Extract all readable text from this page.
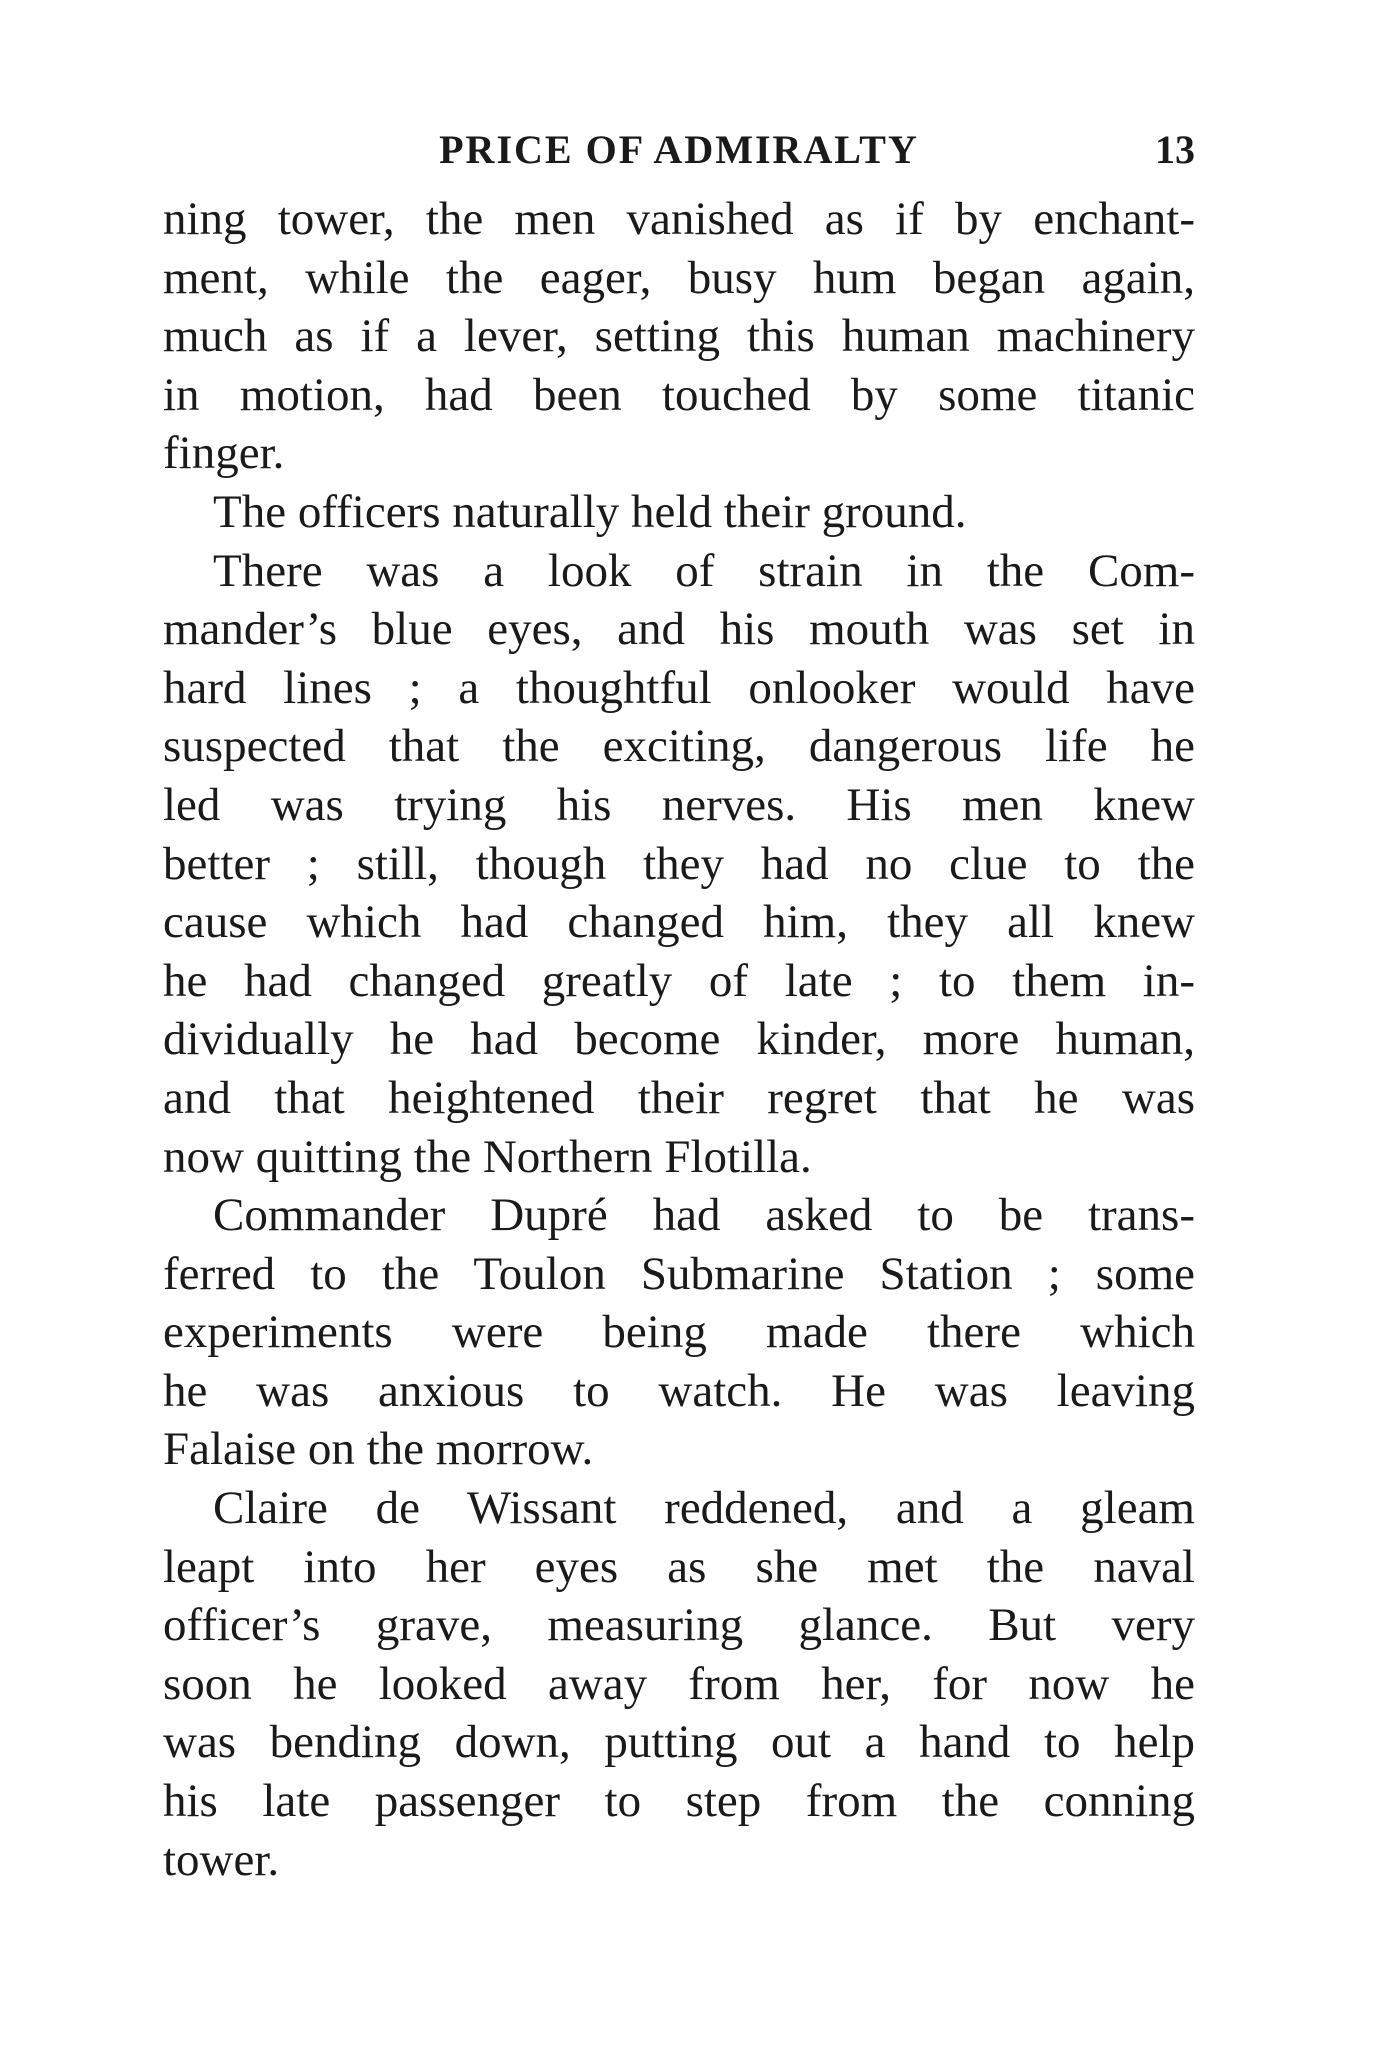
PRICE OF ADMIRALTY	13
ning tower, the men vanished as if by enchant-
ment, while the eager, busy hum began again,
much as if a lever, setting this human machinery
in motion, had been touched by some titanic
finger.
The officers naturally held their ground.
There was a look of strain in the Com-
mander’s blue eyes, and his mouth was set in
hard lines ; a thoughtful onlooker would have
suspected that the exciting, dangerous life he
led was trying his nerves. His men knew
better ; still, though they had no clue to the
cause which had changed him, they all knew
he had changed greatly of late ; to them in-
dividually he had become kinder, more human,
and that heightened their regret that he was
now quitting the Northern Flotilla.
Commander Dupré had asked to be trans-
ferred to the Toulon Submarine Station ; some
experiments were being made there which
he was anxious to watch. He was leaving
Falaise on the morrow.
Claire de Wissant reddened, and a gleam
leapt into her eyes as she met the naval
officer’s grave, measuring glance. But very
soon he looked away from her, for now he
was bending down, putting out a hand to help
his late passenger to step from the conning
tower.
